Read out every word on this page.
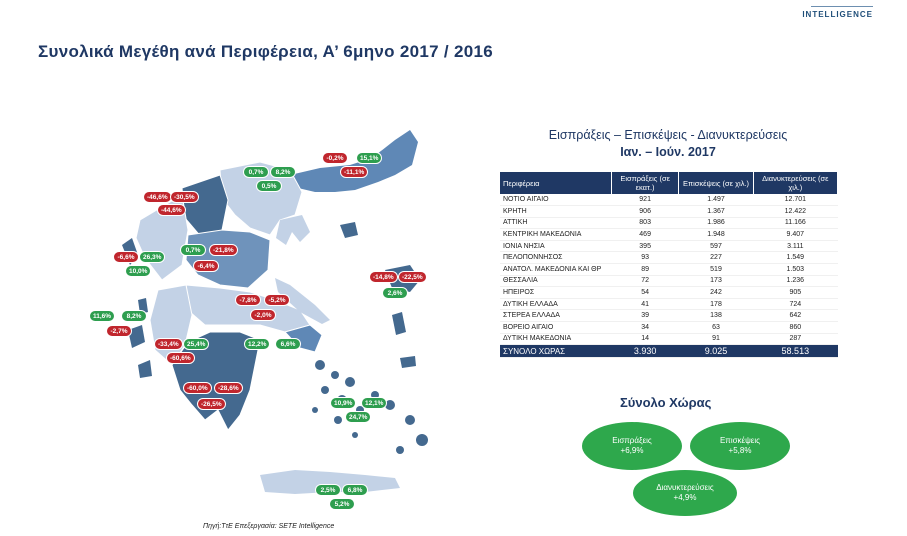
INTELLIGENCE
Συνολικά Μεγέθη ανά Περιφέρεια, Α’ 6μηνο 2017 / 2016
-0,2%	15,1%
-11,1%
0,7%	8,2%
0,5%
-46,6% -30,5%
-44,6%
-6,6%	26,3%
10,0%
0,7%	-21,8%
-6,4%
-14,8%	-22,5%
2,6%
-7,8%	-5,2%
-2,0%
11,6%	8,2%
-2,7%
-33,4%	25,4%
-60,6%
12,2%	6,6%
-60,0%	-28,6%
-26,5%	10,9%	12,1%
24,7%
2,5%	6,8%
5,2%
Πηγή:ΤτΕ Επεξεργασία: SETE Intelligence
Εισπράξεις – Επισκέψεις - Διανυκτερεύσεις
Ιαν. – Ιούν. 2017
Περιφέρεια	Εισπράξεις (σε εκατ.)	Επισκέψεις (σε χιλ.)	Διανυκτερεύσεις (σε χιλ.)
ΝΟΤΙΟ ΑΙΓΑΙΟ	921	1.497	12.701
ΚΡΗΤΗ	906	1.367	12.422
ΑΤΤΙΚΗ	803	1.986	11.166
ΚΕΝΤΡΙΚΗ ΜΑΚΕΔΟΝΙΑ	469	1.948	9.407
ΙΟΝΙΑ ΝΗΣΙΑ	395	597	3.111
ΠΕΛΟΠΟΝΝΗΣΟΣ	93	227	1.549
ΑΝΑΤΟΛ. ΜΑΚΕΔΟΝΙΑ ΚΑΙ ΘΡ	89	519	1.503
ΘΕΣΣΑΛΙΑ	72	173	1.236
ΗΠΕΙΡΟΣ	54	242	905
ΔΥΤΙΚΗ ΕΛΛΑΔΑ	41	178	724
ΣΤΕΡΕΑ ΕΛΛΑΔΑ	39	138	642
ΒΟΡΕΙΟ ΑΙΓΑΙΟ	34	63	860
ΔΥΤΙΚΗ ΜΑΚΕΔΟΝΙΑ	14	91	287
ΣΥΝΟΛΟ ΧΩΡΑΣ	3.930	9.025	58.513
Σύνολο Χώρας
Εισπράξεις
+6,9%
Επισκέψεις
+5,8%
Διανυκτερεύσεις
+4,9%
